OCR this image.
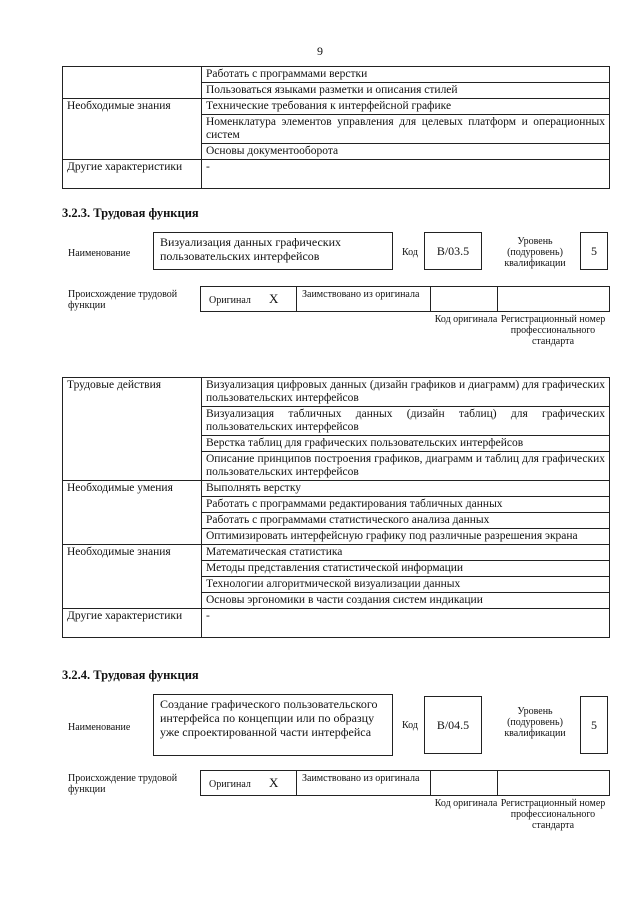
9
	Работать с программами верстки
	Пользоваться языками разметки и описания стилей
Необходимые знания	Технические требования к интерфейсной графике
	Номенклатура элементов управления для целевых платформ и операционных систем
	Основы документооборота
Другие характеристики	-
3.2.3. Трудовая функция
Наименование
Визуализация данных графических пользовательских интерфейсов	Код	B/03.5
Уровень (подуровень) квалификации
5
Происхождение трудовой функции	Оригинал X Заимствовано из оригинала
Код оригинала Регистрационный номер профессионального стандарта
Трудовые действия	Визуализация цифровых данных (дизайн графиков и диаграмм) для графических пользовательских интерфейсов
	Визуализация табличных данных (дизайн таблиц) для графических пользовательских интерфейсов
	Верстка таблиц для графических пользовательских интерфейсов
	Описание принципов построения графиков, диаграмм и таблиц для графических пользовательских интерфейсов
Необходимые умения	Выполнять верстку
	Работать с программами редактирования табличных данных
	Работать с программами статистического анализа данных
	Оптимизировать интерфейсную графику под различные разрешения экрана
Необходимые знания	Математическая статистика
	Методы представления статистической информации
	Технологии алгоритмической визуализации данных
	Основы эргономики в части создания систем индикации
Другие характеристики	-
3.2.4. Трудовая функция
Наименование
Создание графического пользовательского интерфейса по концепции или по образцу уже спроектированной части интерфейса	Код	B/04.5
Уровень (подуровень) квалификации
5
Происхождение трудовой функции	Оригинал X Заимствовано из оригинала
Код оригинала Регистрационный номер профессионального стандарта
